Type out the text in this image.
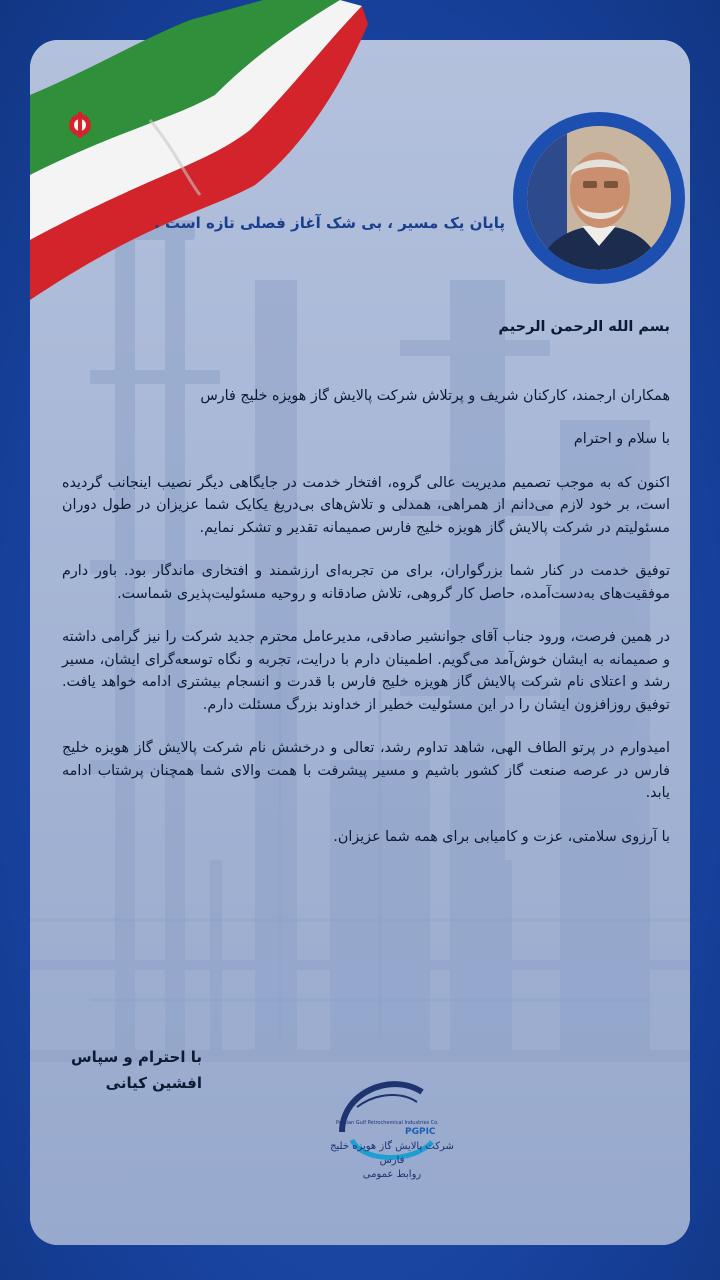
پایان یک مسیر ، بی شک آغاز فصلی تازه است .

بسم الله الرحمن الرحیم

همکاران ارجمند، کارکنان شریف و پرتلاش شرکت پالایش گاز هویزه خلیج فارس

با سلام و احترام

اکنون که به موجب تصمیم مدیریت عالی گروه، افتخار خدمت در جایگاهی دیگر نصیب اینجانب گردیده است، بر خود لازم می‌دانم از همراهی، همدلی و تلاش‌های بی‌دریغ یکایک شما عزیزان در طول دوران مسئولیتم در شرکت پالایش گاز هویزه خلیج فارس صمیمانه تقدیر و تشکر نمایم.

توفیق خدمت در کنار شما بزرگواران، برای من تجربه‌ای ارزشمند و افتخاری ماندگار بود. باور دارم موفقیت‌های به‌دست‌آمده، حاصل کار گروهی، تلاش صادقانه و روحیه مسئولیت‌پذیری شماست.

در همین فرصت، ورود جناب آقای جوانشیر صادقی، مدیرعامل محترم جدید شرکت را نیز گرامی داشته و صمیمانه به ایشان خوش‌آمد می‌گویم. اطمینان دارم با درایت، تجربه و نگاه توسعه‌گرای ایشان، مسیر رشد و اعتلای نام شرکت پالایش گاز هویزه خلیج فارس با قدرت و انسجام بیشتری ادامه خواهد یافت. توفیق روزافزون ایشان را در این مسئولیت خطیر از خداوند بزرگ مسئلت دارم.

امیدوارم در پرتو الطاف الهی، شاهد تداوم رشد، تعالی و درخشش نام شرکت پالایش گاز هویزه خلیج فارس در عرصه صنعت گاز کشور باشیم و مسیر پیشرفت با همت والای شما همچنان پرشتاب ادامه یابد.

با آرزوی سلامتی، عزت و کامیابی برای همه شما عزیزان.

با احترام و سپاس
افشین کیانی
Persian Gulf Petrochemical Industries Co.
PGPIC
شرکت پالایش گاز هویزه خلیج فارس
روابط عمومی
